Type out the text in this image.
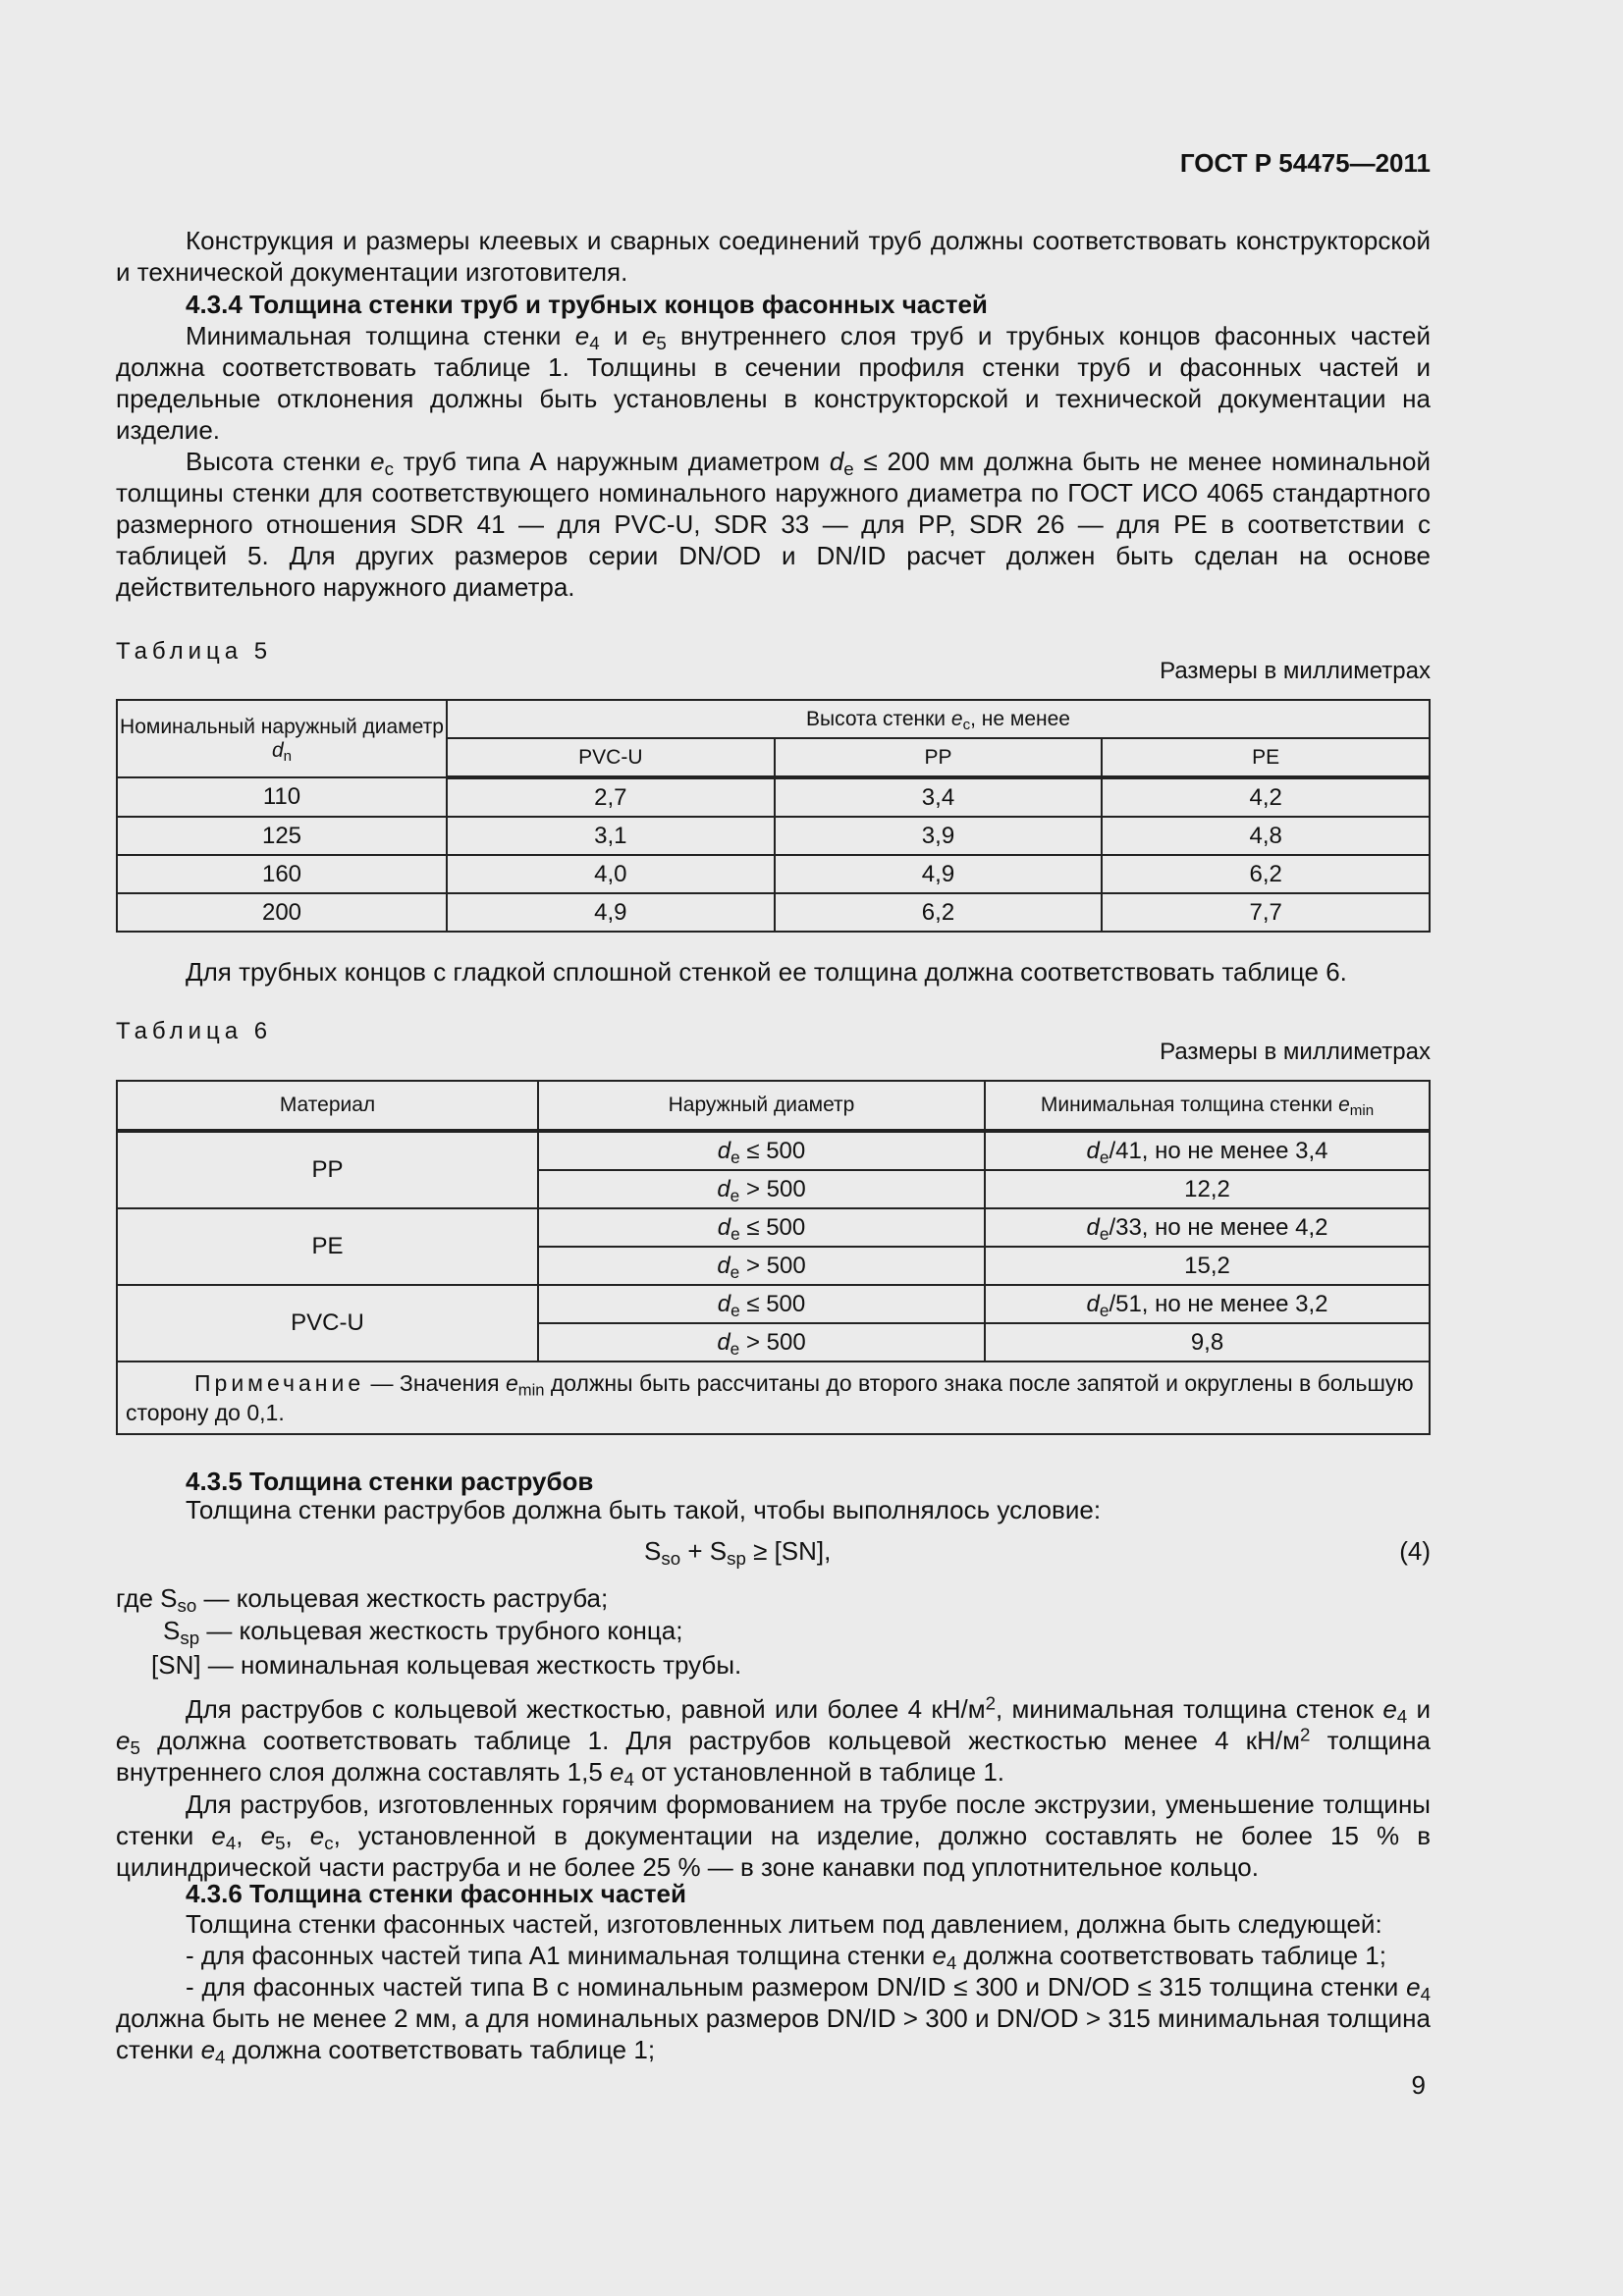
ГОСТ Р 54475—2011

Конструкция и размеры клеевых и сварных соединений труб должны соответствовать конструкторской и технической документации изготовителя.

4.3.4 Толщина стенки труб и трубных концов фасонных частей

Минимальная толщина стенки $e_4$ и $e_5$ внутреннего слоя труб и трубных концов фасонных частей должна соответствовать таблице 1. Толщины в сечении профиля стенки труб и фасонных частей и предельные отклонения должны быть установлены в конструкторской и технической документации на изделие.

Высота стенки $e_c$ труб типа А наружным диаметром $d_e \le 200$ мм должна быть не менее номинальной толщины стенки для соответствующего номинального наружного диаметра по ГОСТ ИСО 4065 стандартного размерного отношения SDR 41 — для PVC-U, SDR 33 — для PP, SDR 26 — для PE в соответствии с таблицей 5. Для других размеров серии DN/OD и DN/ID расчет должен быть сделан на основе действительного наружного диаметра.

Таблица 5

Размеры в миллиметрах

Номинальный наружный диаметр
$d_n$	Высота стенки $e_c$, не менее		
	PVC-U	PP	PE
110	2,7	3,4	4,2
125	3,1	3,9	4,8
160	4,0	4,9	6,2
200	4,9	6,2	7,7

Для трубных концов с гладкой сплошной стенкой ее толщина должна соответствовать таблице 6.

Таблица 6

Размеры в миллиметрах

Материал	Наружный диаметр	Минимальная толщина стенки $e_{min}$
PP	$d_e \le 500$	$d_e/41$, но не менее 3,4
	$d_e > 500$	12,2
PE	$d_e \le 500$	$d_e/33$, но не менее 4,2
	$d_e > 500$	15,2
PVC-U	$d_e \le 500$	$d_e/51$, но не менее 3,2
	$d_e > 500$	9,8
Примечание — Значения $e_{min}$ должны быть рассчитаны до второго знака после запятой и округлены в большую сторону до 0,1.		
4.3.5 Толщина стенки раструбов

Толщина стенки раструбов должна быть такой, чтобы выполнялось условие:

$S_{so} + S_{sp} \ge [SN]$,	(4)

где $S_{so}$ — кольцевая жесткость раструба;

$S_{sp}$ — кольцевая жесткость трубного конца;

[SN] — номинальная кольцевая жесткость трубы.

Для раструбов с кольцевой жесткостью, равной или более 4 $кН/м^2$, минимальная толщина стенок $e_4$ и $e_5$ должна соответствовать таблице 1. Для раструбов кольцевой жесткостью менее 4 $кН/м^2$ толщина внутреннего слоя должна составлять 1,5 $e_4$ от установленной в таблице 1.

Для раструбов, изготовленных горячим формованием на трубе после экструзии, уменьшение толщины стенки $e_4$, $e_5$, $e_c$, установленной в документации на изделие, должно составлять не более 15 % в цилиндрической части раструба и не более 25 % — в зоне канавки под уплотнительное кольцо.

4.3.6 Толщина стенки фасонных частей

Толщина стенки фасонных частей, изготовленных литьем под давлением, должна быть следующей:

- для фасонных частей типа А1 минимальная толщина стенки $e_4$ должна соответствовать таблице 1;

- для фасонных частей типа В с номинальным размером DN/ID ≤ 300 и DN/OD ≤ 315 толщина стенки $e_4$ должна быть не менее 2 мм, а для номинальных размеров DN/ID > 300 и DN/OD > 315 минимальная толщина стенки $e_4$ должна соответствовать таблице 1;

9
